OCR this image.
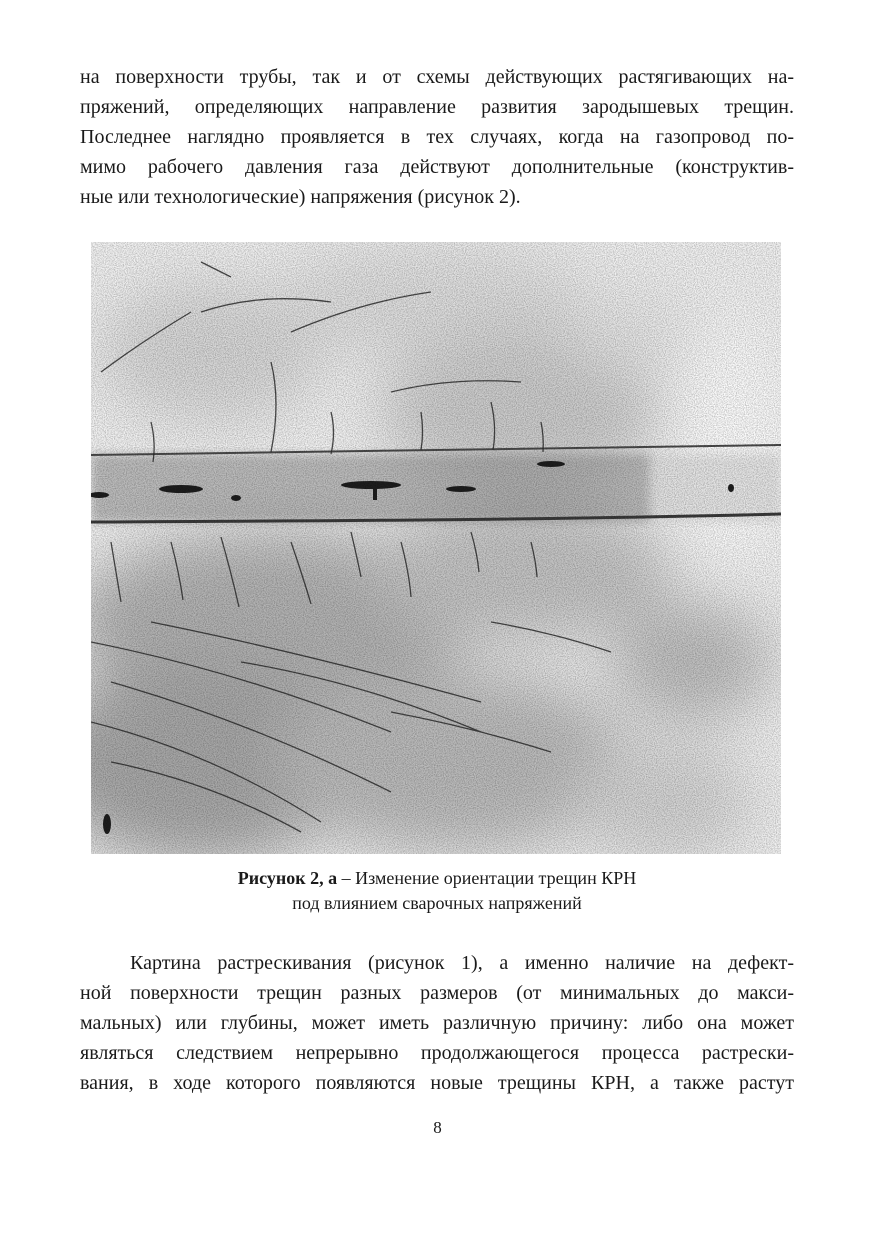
на поверхности трубы, так и от схемы действующих растягивающих на-
пряжений, определяющих направление развития зародышевых трещин.
Последнее наглядно проявляется в тех случаях, когда на газопровод по-
мимо рабочего давления газа действуют дополнительные (конструктив-
ные или технологические) напряжения (рисунок 2).
Рисунок 2, а – Изменение ориентации трещин КРН
под влиянием сварочных напряжений
Картина растрескивания (рисунок 1), а именно наличие на дефект-
ной поверхности трещин разных размеров (от минимальных до макси-
мальных) или глубины, может иметь различную причину: либо она может
являться следствием непрерывно продолжающегося процесса растрески-
вания, в ходе которого появляются новые трещины КРН, а также растут
8
